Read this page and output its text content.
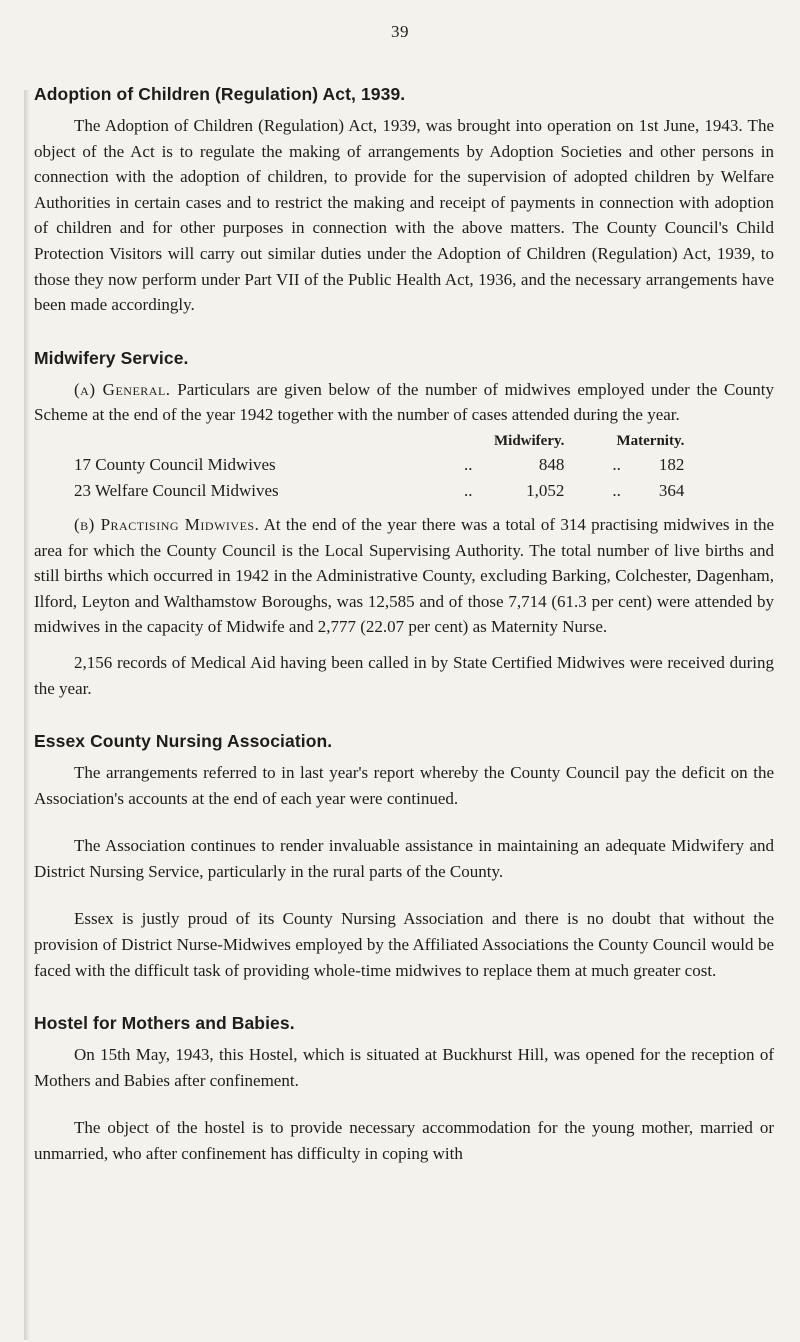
39
Adoption of Children (Regulation) Act, 1939.

The Adoption of Children (Regulation) Act, 1939, was brought into operation on 1st June, 1943. The object of the Act is to regulate the making of arrangements by Adoption Societies and other persons in connection with the adoption of children, to provide for the supervision of adopted children by Welfare Authorities in certain cases and to restrict the making and receipt of payments in connection with adoption of children and for other purposes in connection with the above matters. The County Council's Child Protection Visitors will carry out similar duties under the Adoption of Children (Regulation) Act, 1939, to those they now perform under Part VII of the Public Health Act, 1936, and the necessary arrangements have been made accordingly.

Midwifery Service.

(a) General. Particulars are given below of the number of midwives employed under the County Scheme at the end of the year 1942 together with the number of cases attended during the year.

		Midwifery.	Maternity.
17 County Council Midwives	..	848	.. 182
23 Welfare Council Midwives	..	1,052	.. 364

(b) Practising Midwives. At the end of the year there was a total of 314 practising midwives in the area for which the County Council is the Local Supervising Authority. The total number of live births and still births which occurred in 1942 in the Administrative County, excluding Barking, Colchester, Dagenham, Ilford, Leyton and Walthamstow Boroughs, was 12,585 and of those 7,714 (61.3 per cent) were attended by midwives in the capacity of Midwife and 2,777 (22.07 per cent) as Maternity Nurse.

2,156 records of Medical Aid having been called in by State Certified Midwives were received during the year.

Essex County Nursing Association.

The arrangements referred to in last year's report whereby the County Council pay the deficit on the Association's accounts at the end of each year were continued.

The Association continues to render invaluable assistance in maintaining an adequate Midwifery and District Nursing Service, particularly in the rural parts of the County.

Essex is justly proud of its County Nursing Association and there is no doubt that without the provision of District Nurse-Midwives employed by the Affiliated Associations the County Council would be faced with the difficult task of providing whole-time midwives to replace them at much greater cost.

Hostel for Mothers and Babies.

On 15th May, 1943, this Hostel, which is situated at Buckhurst Hill, was opened for the reception of Mothers and Babies after confinement.

The object of the hostel is to provide necessary accommodation for the young mother, married or unmarried, who after confinement has difficulty in coping with
